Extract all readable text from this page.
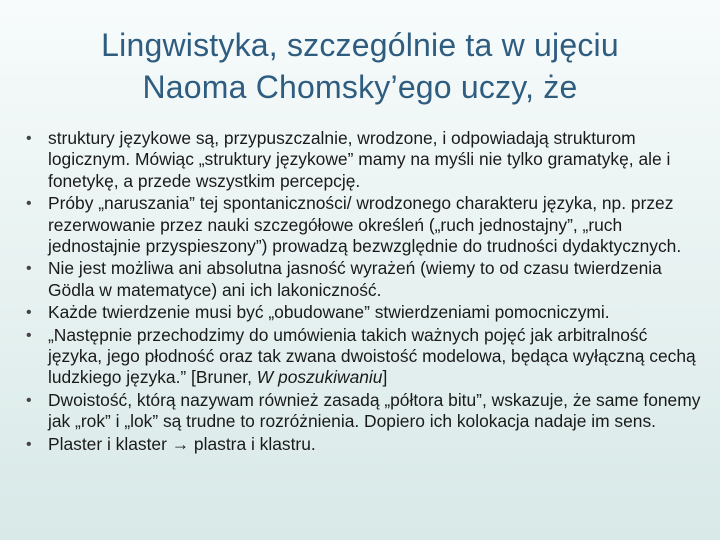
Lingwistyka, szczególnie ta w ujęciu
Naoma Chomsky’ego uczy, że
• struktury językowe są, przypuszczalnie, wrodzone, i odpowiadają strukturom logicznym. Mówiąc „struktury językowe” mamy na myśli nie tylko gramatykę, ale i fonetykę, a przede wszystkim percepcję.
• Próby „naruszania” tej spontaniczności/ wrodzonego charakteru języka, np. przez rezerwowanie przez nauki szczegółowe określeń („ruch jednostajny”, „ruch jednostajnie przyspieszony”) prowadzą bezwzględnie do trudności dydaktycznych.
• Nie jest możliwa ani absolutna jasność wyrażeń (wiemy to od czasu twierdzenia Gödla w matematyce) ani ich lakoniczność.
• Każde twierdzenie musi być „obudowane” stwierdzeniami pomocniczymi.
• „Następnie przechodzimy do umówienia takich ważnych pojęć jak arbitralność języka, jego płodność oraz tak zwana dwoistość modelowa, będąca wyłączną cechą ludzkiego języka.” [Bruner, W poszukiwaniu]
• Dwoistość, którą nazywam również zasadą „półtora bitu”, wskazuje, że same fonemy jak „rok” i „lok” są trudne to rozróżnienia. Dopiero ich kolokacja nadaje im sens.
• Plaster i klaster → plastra i klastru.
